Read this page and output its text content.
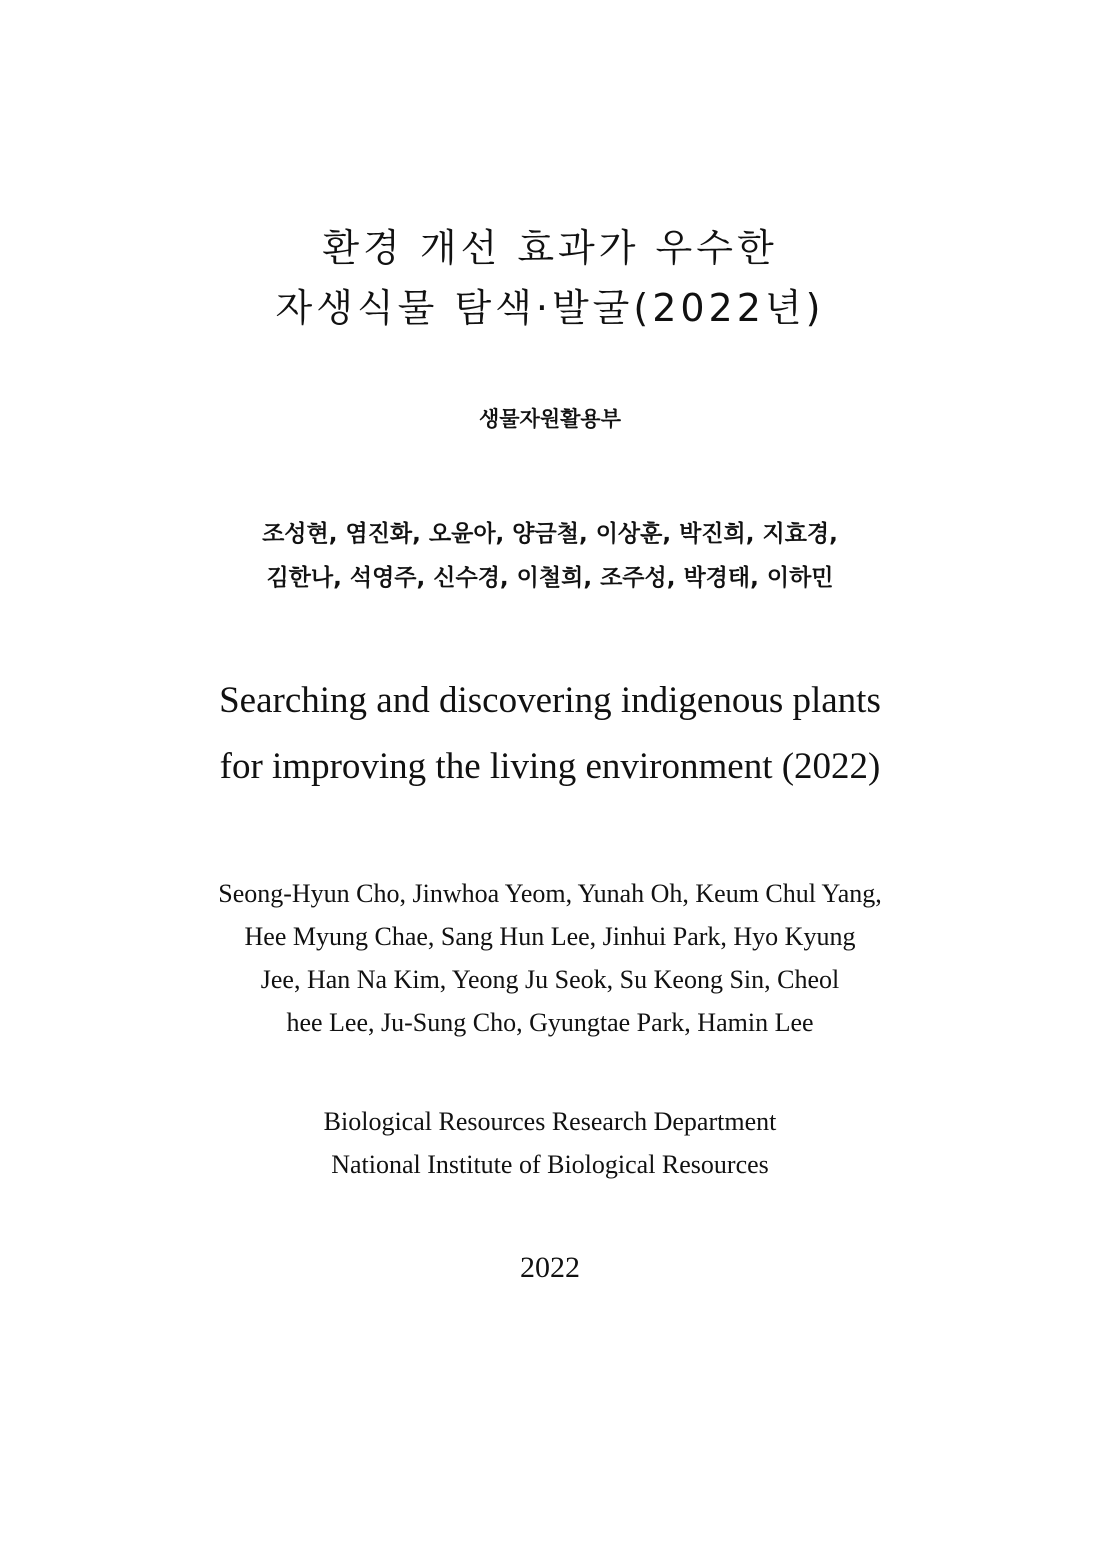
환경 개선 효과가 우수한
자생식물 탐색·발굴(2022년)
생물자원활용부
조성현, 염진화, 오윤아, 양금철, 이상훈, 박진희, 지효경,
김한나, 석영주, 신수경, 이철희, 조주성, 박경태, 이하민
Searching and discovering indigenous plants
for improving the living environment (2022)
Seong-Hyun Cho, Jinwhoa Yeom, Yunah Oh, Keum Chul Yang,
Hee Myung Chae, Sang Hun Lee, Jinhui Park, Hyo Kyung
Jee, Han Na Kim, Yeong Ju Seok, Su Keong Sin, Cheol
hee Lee, Ju-Sung Cho, Gyungtae Park, Hamin Lee
Biological Resources Research Department
National Institute of Biological Resources
2022
